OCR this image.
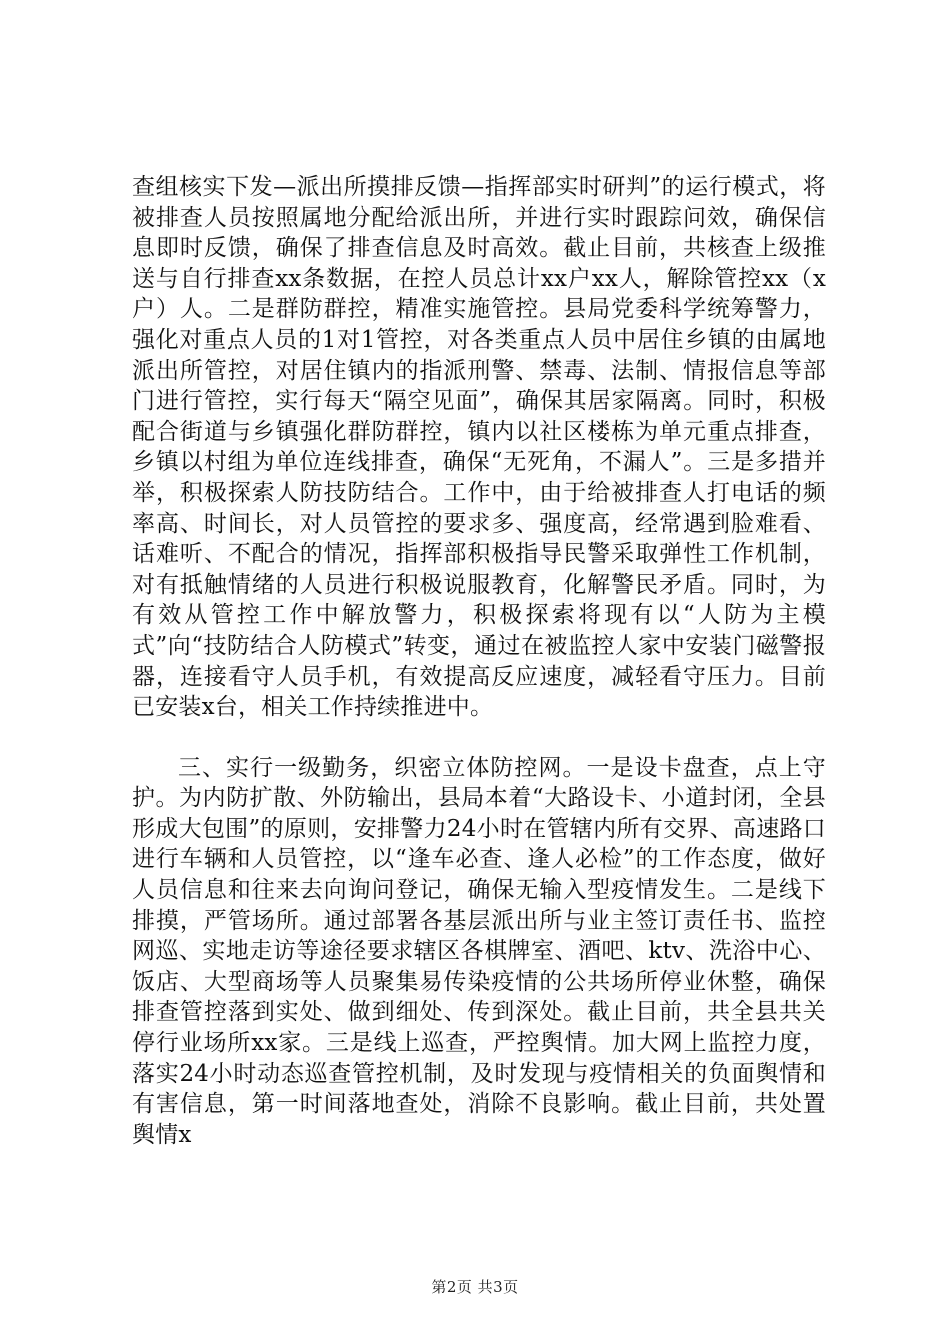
查组核实下发—派出所摸排反馈—指挥部实时研判”的运行模式，将被排查人员按照属地分配给派出所，并进行实时跟踪问效，确保信息即时反馈，确保了排查信息及时高效。截止目前，共核查上级推送与自行排查xx条数据，在控人员总计xx户xx人，解除管控xx（x户）人。二是群防群控，精准实施管控。县局党委科学统筹警力，强化对重点人员的1对1管控，对各类重点人员中居住乡镇的由属地派出所管控，对居住镇内的指派刑警、禁毒、法制、情报信息等部门进行管控，实行每天“隔空见面”，确保其居家隔离。同时，积极配合街道与乡镇强化群防群控，镇内以社区楼栋为单元重点排查，乡镇以村组为单位连线排查，确保“无死角，不漏人”。三是多措并举，积极探索人防技防结合。工作中，由于给被排查人打电话的频率高、时间长，对人员管控的要求多、强度高，经常遇到脸难看、话难听、不配合的情况，指挥部积极指导民警采取弹性工作机制，对有抵触情绪的人员进行积极说服教育，化解警民矛盾。同时，为有效从管控工作中解放警力，积极探索将现有以“人防为主模式”向“技防结合人防模式”转变，通过在被监控人家中安装门磁警报器，连接看守人员手机，有效提高反应速度，减轻看守压力。目前已安装x台，相关工作持续推进中。

三、实行一级勤务，织密立体防控网。一是设卡盘查，点上守护。为内防扩散、外防输出，县局本着“大路设卡、小道封闭，全县形成大包围”的原则，安排警力24小时在管辖内所有交界、高速路口进行车辆和人员管控，以“逢车必查、逢人必检”的工作态度，做好人员信息和往来去向询问登记，确保无输入型疫情发生。二是线下排摸，严管场所。通过部署各基层派出所与业主签订责任书、监控网巡、实地走访等途径要求辖区各棋牌室、酒吧、ktv、洗浴中心、饭店、大型商场等人员聚集易传染疫情的公共场所停业休整，确保排查管控落到实处、做到细处、传到深处。截止目前，共全县共关停行业场所xx家。三是线上巡查，严控舆情。加大网上监控力度，落实24小时动态巡查管控机制，及时发现与疫情相关的负面舆情和有害信息，第一时间落地查处，消除不良影响。截止目前，共处置舆情x

第2页 共3页
